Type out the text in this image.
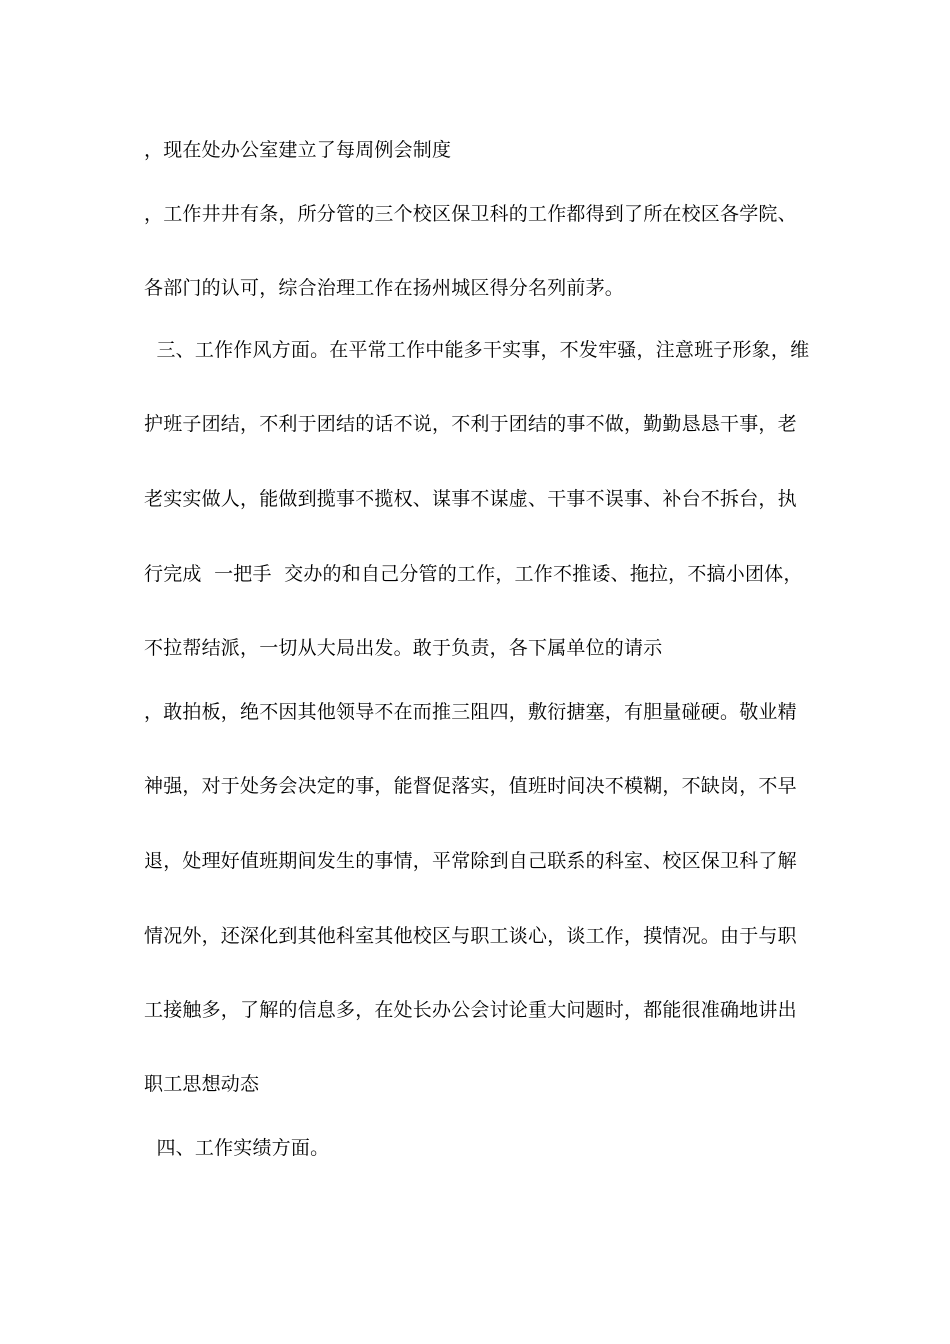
，现在处办公室建立了每周例会制度
，工作井井有条，所分管的三个校区保卫科的工作都得到了所在校区各学院、
各部门的认可，综合治理工作在扬州城区得分名列前茅。
三、工作作风方面。在平常工作中能多干实事，不发牢骚，注意班子形象，维
护班子团结，不利于团结的话不说，不利于团结的事不做，勤勤恳恳干事，老
老实实做人，能做到揽事不揽权、谋事不谋虚、干事不误事、补台不拆台，执
行完成  一把手  交办的和自己分管的工作，工作不推诿、拖拉，不搞小团体，
不拉帮结派，一切从大局出发。敢于负责，各下属单位的请示
，敢拍板，绝不因其他领导不在而推三阻四，敷衍搪塞，有胆量碰硬。敬业精
神强，对于处务会决定的事，能督促落实，值班时间决不模糊，不缺岗，不早
退，处理好值班期间发生的事情，平常除到自己联系的科室、校区保卫科了解
情况外，还深化到其他科室其他校区与职工谈心，谈工作，摸情况。由于与职
工接触多，了解的信息多，在处长办公会讨论重大问题时，都能很准确地讲出
职工思想动态
四、工作实绩方面。
